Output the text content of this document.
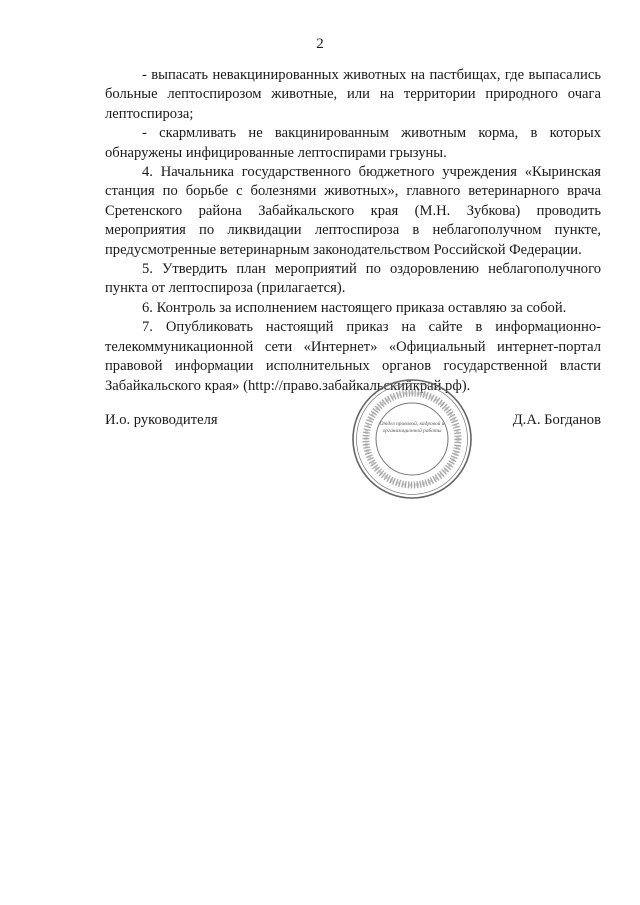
2

- выпасать невакцинированных животных на пастбищах, где выпасались больные лептоспирозом животные, или на территории природного очага лептоспироза;

- скармливать не вакцинированным животным корма, в которых обнаружены инфицированные лептоспирами грызуны.

4. Начальника государственного бюджетного учреждения «Кыринская станция по борьбе с болезнями животных», главного ветеринарного врача Сретенского района Забайкальского края (М.Н. Зубкова) проводить мероприятия по ликвидации лептоспироза в неблагополучном пункте, предусмотренные ветеринарным законодательством Российской Федерации.

5. Утвердить план мероприятий по оздоровлению неблагополучного пункта от лептоспироза (прилагается).

6. Контроль за исполнением настоящего приказа оставляю за собой.

7. Опубликовать настоящий приказ на сайте в информационно-телекоммуникационной сети «Интернет» «Официальный интернет-портал правовой информации исполнительных органов государственной власти Забайкальского края» (http://право.забайкальскийкрай.рф).

И.о. руководителя	Д.А. Богданов
Отдел правовой, кадровой и организационной работы
